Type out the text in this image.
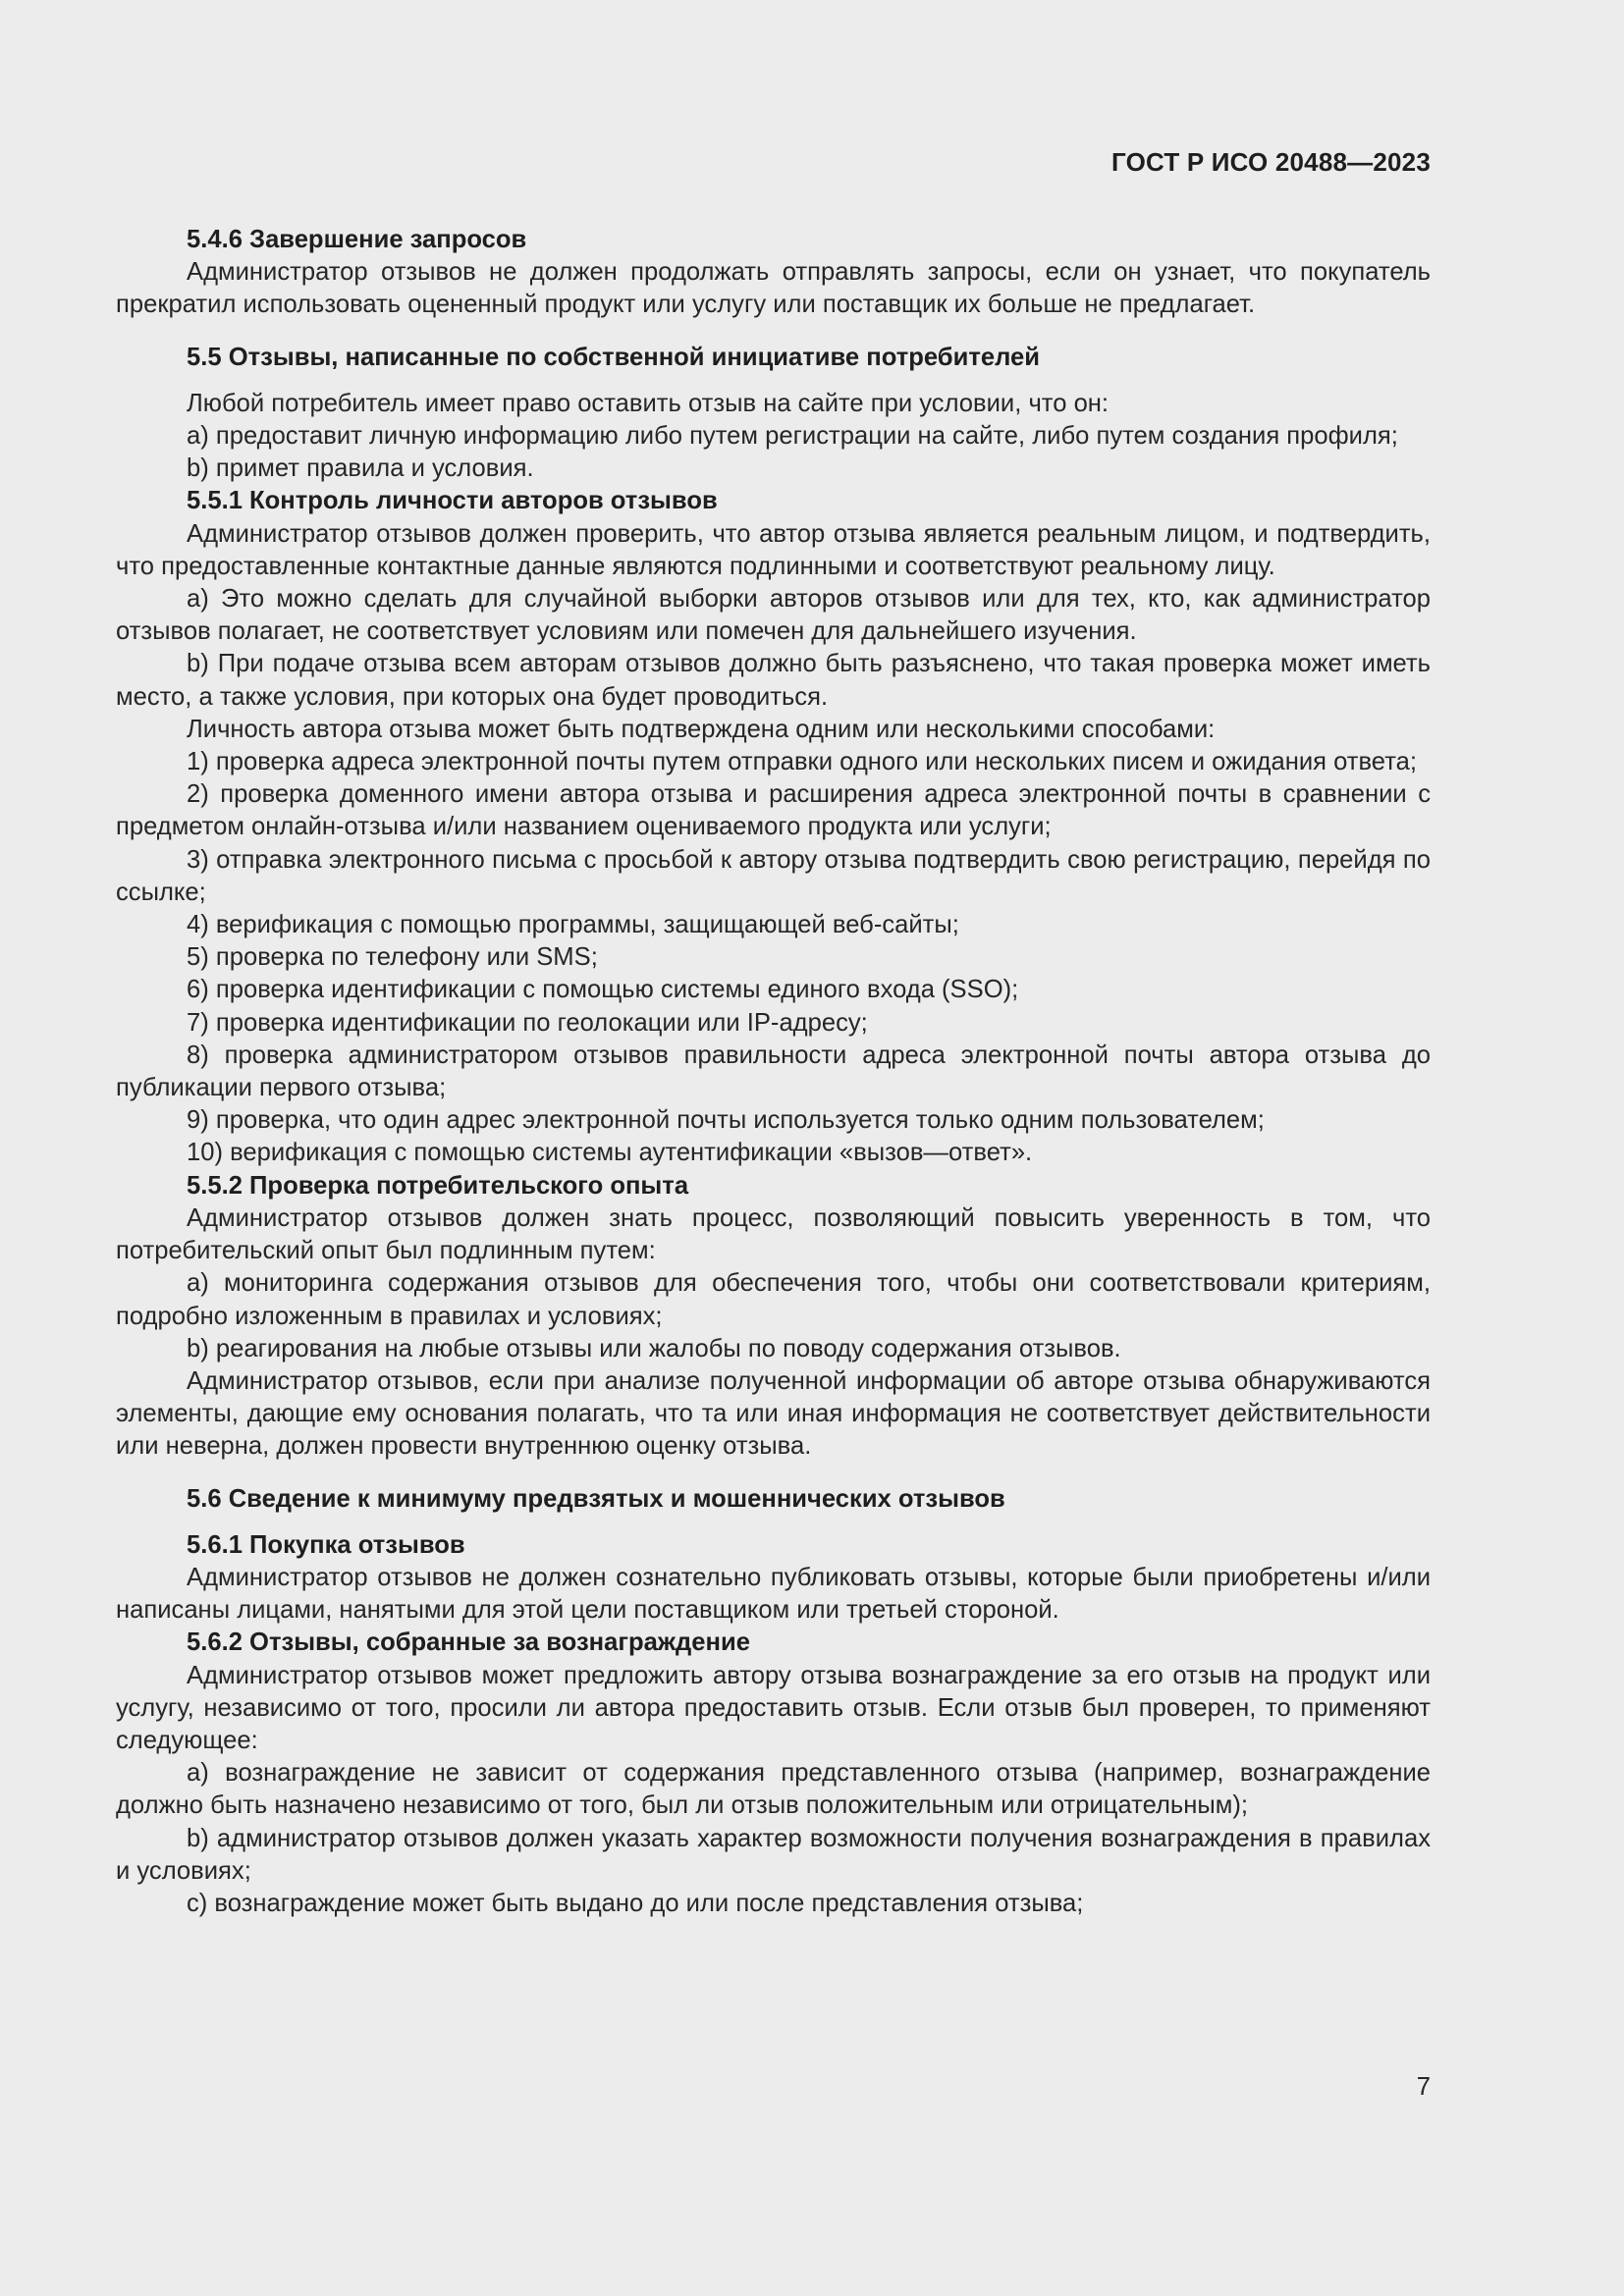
ГОСТ Р ИСО 20488—2023
5.4.6 Завершение запросов

Администратор отзывов не должен продолжать отправлять запросы, если он узнает, что покупатель прекратил использовать оцененный продукт или услугу или поставщик их больше не предлагает.

5.5 Отзывы, написанные по собственной инициативе потребителей

Любой потребитель имеет право оставить отзыв на сайте при условии, что он:

a) предоставит личную информацию либо путем регистрации на сайте, либо путем создания профиля;

b) примет правила и условия.

5.5.1 Контроль личности авторов отзывов

Администратор отзывов должен проверить, что автор отзыва является реальным лицом, и подтвердить, что предоставленные контактные данные являются подлинными и соответствуют реальному лицу.

a) Это можно сделать для случайной выборки авторов отзывов или для тех, кто, как администратор отзывов полагает, не соответствует условиям или помечен для дальнейшего изучения.

b) При подаче отзыва всем авторам отзывов должно быть разъяснено, что такая проверка может иметь место, а также условия, при которых она будет проводиться.

Личность автора отзыва может быть подтверждена одним или несколькими способами:

1) проверка адреса электронной почты путем отправки одного или нескольких писем и ожидания ответа;

2) проверка доменного имени автора отзыва и расширения адреса электронной почты в сравнении с предметом онлайн-отзыва и/или названием оцениваемого продукта или услуги;

3) отправка электронного письма с просьбой к автору отзыва подтвердить свою регистрацию, перейдя по ссылке;

4) верификация с помощью программы, защищающей веб-сайты;

5) проверка по телефону или SMS;

6) проверка идентификации с помощью системы единого входа (SSO);

7) проверка идентификации по геолокации или IP-адресу;

8) проверка администратором отзывов правильности адреса электронной почты автора отзыва до публикации первого отзыва;

9) проверка, что один адрес электронной почты используется только одним пользователем;

10) верификация с помощью системы аутентификации «вызов—ответ».

5.5.2 Проверка потребительского опыта

Администратор отзывов должен знать процесс, позволяющий повысить уверенность в том, что потребительский опыт был подлинным путем:

a) мониторинга содержания отзывов для обеспечения того, чтобы они соответствовали критериям, подробно изложенным в правилах и условиях;

b) реагирования на любые отзывы или жалобы по поводу содержания отзывов.

Администратор отзывов, если при анализе полученной информации об авторе отзыва обнаруживаются элементы, дающие ему основания полагать, что та или иная информация не соответствует действительности или неверна, должен провести внутреннюю оценку отзыва.

5.6 Сведение к минимуму предвзятых и мошеннических отзывов
5.6.1 Покупка отзывов

Администратор отзывов не должен сознательно публиковать отзывы, которые были приобретены и/или написаны лицами, нанятыми для этой цели поставщиком или третьей стороной.

5.6.2 Отзывы, собранные за вознаграждение

Администратор отзывов может предложить автору отзыва вознаграждение за его отзыв на продукт или услугу, независимо от того, просили ли автора предоставить отзыв. Если отзыв был проверен, то применяют следующее:

a) вознаграждение не зависит от содержания представленного отзыва (например, вознаграждение должно быть назначено независимо от того, был ли отзыв положительным или отрицательным);

b) администратор отзывов должен указать характер возможности получения вознаграждения в правилах и условиях;

c) вознаграждение может быть выдано до или после представления отзыва;

7
